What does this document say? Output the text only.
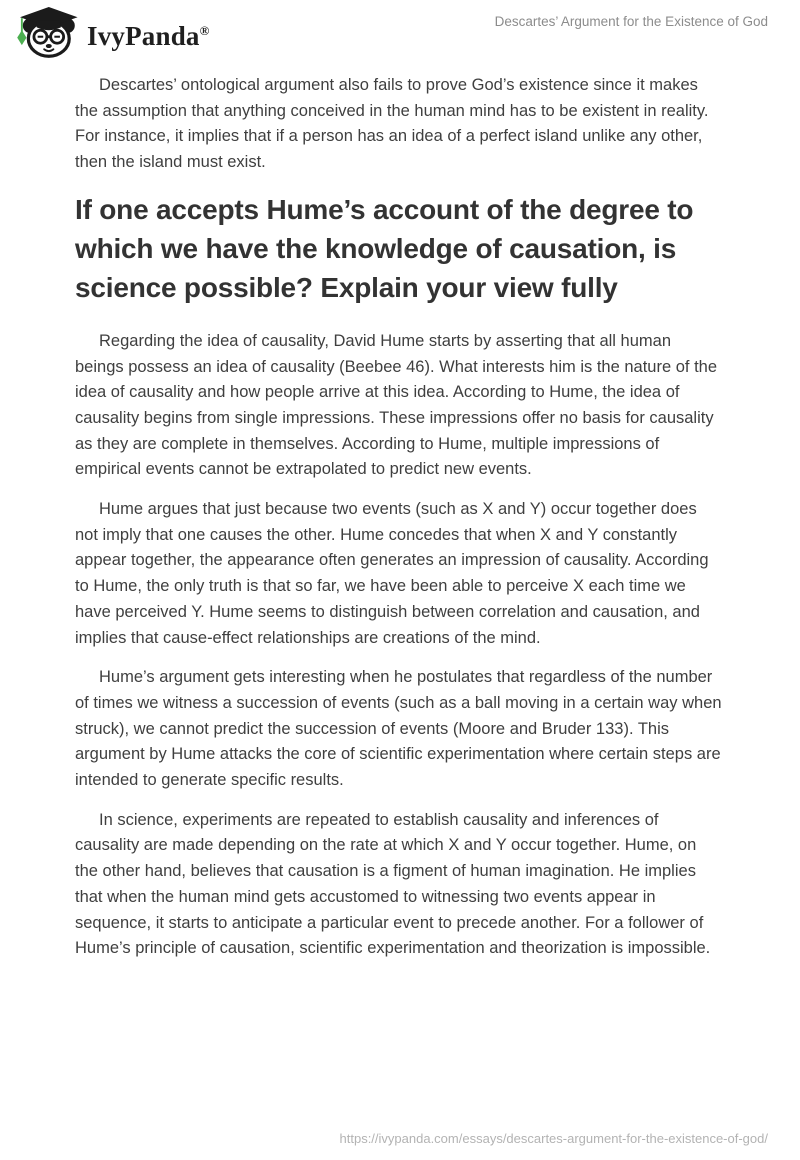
IvyPanda®
Descartes’ Argument for the Existence of God

Descartes’ ontological argument also fails to prove God’s existence since it makes the assumption that anything conceived in the human mind has to be existent in reality. For instance, it implies that if a person has an idea of a perfect island unlike any other, then the island must exist.

If one accepts Hume’s account of the degree to which we have the knowledge of causation, is science possible? Explain your view fully

Regarding the idea of causality, David Hume starts by asserting that all human beings possess an idea of causality (Beebee 46). What interests him is the nature of the idea of causality and how people arrive at this idea. According to Hume, the idea of causality begins from single impressions. These impressions offer no basis for causality as they are complete in themselves. According to Hume, multiple impressions of empirical events cannot be extrapolated to predict new events.

Hume argues that just because two events (such as X and Y) occur together does not imply that one causes the other. Hume concedes that when X and Y constantly appear together, the appearance often generates an impression of causality. According to Hume, the only truth is that so far, we have been able to perceive X each time we have perceived Y. Hume seems to distinguish between correlation and causation, and implies that cause-effect relationships are creations of the mind.

Hume’s argument gets interesting when he postulates that regardless of the number of times we witness a succession of events (such as a ball moving in a certain way when struck), we cannot predict the succession of events (Moore and Bruder 133). This argument by Hume attacks the core of scientific experimentation where certain steps are intended to generate specific results.

In science, experiments are repeated to establish causality and inferences of causality are made depending on the rate at which X and Y occur together. Hume, on the other hand, believes that causation is a figment of human imagination. He implies that when the human mind gets accustomed to witnessing two events appear in sequence, it starts to anticipate a particular event to precede another. For a follower of Hume’s principle of causation, scientific experimentation and theorization is impossible.

https://ivypanda.com/essays/descartes-argument-for-the-existence-of-god/
